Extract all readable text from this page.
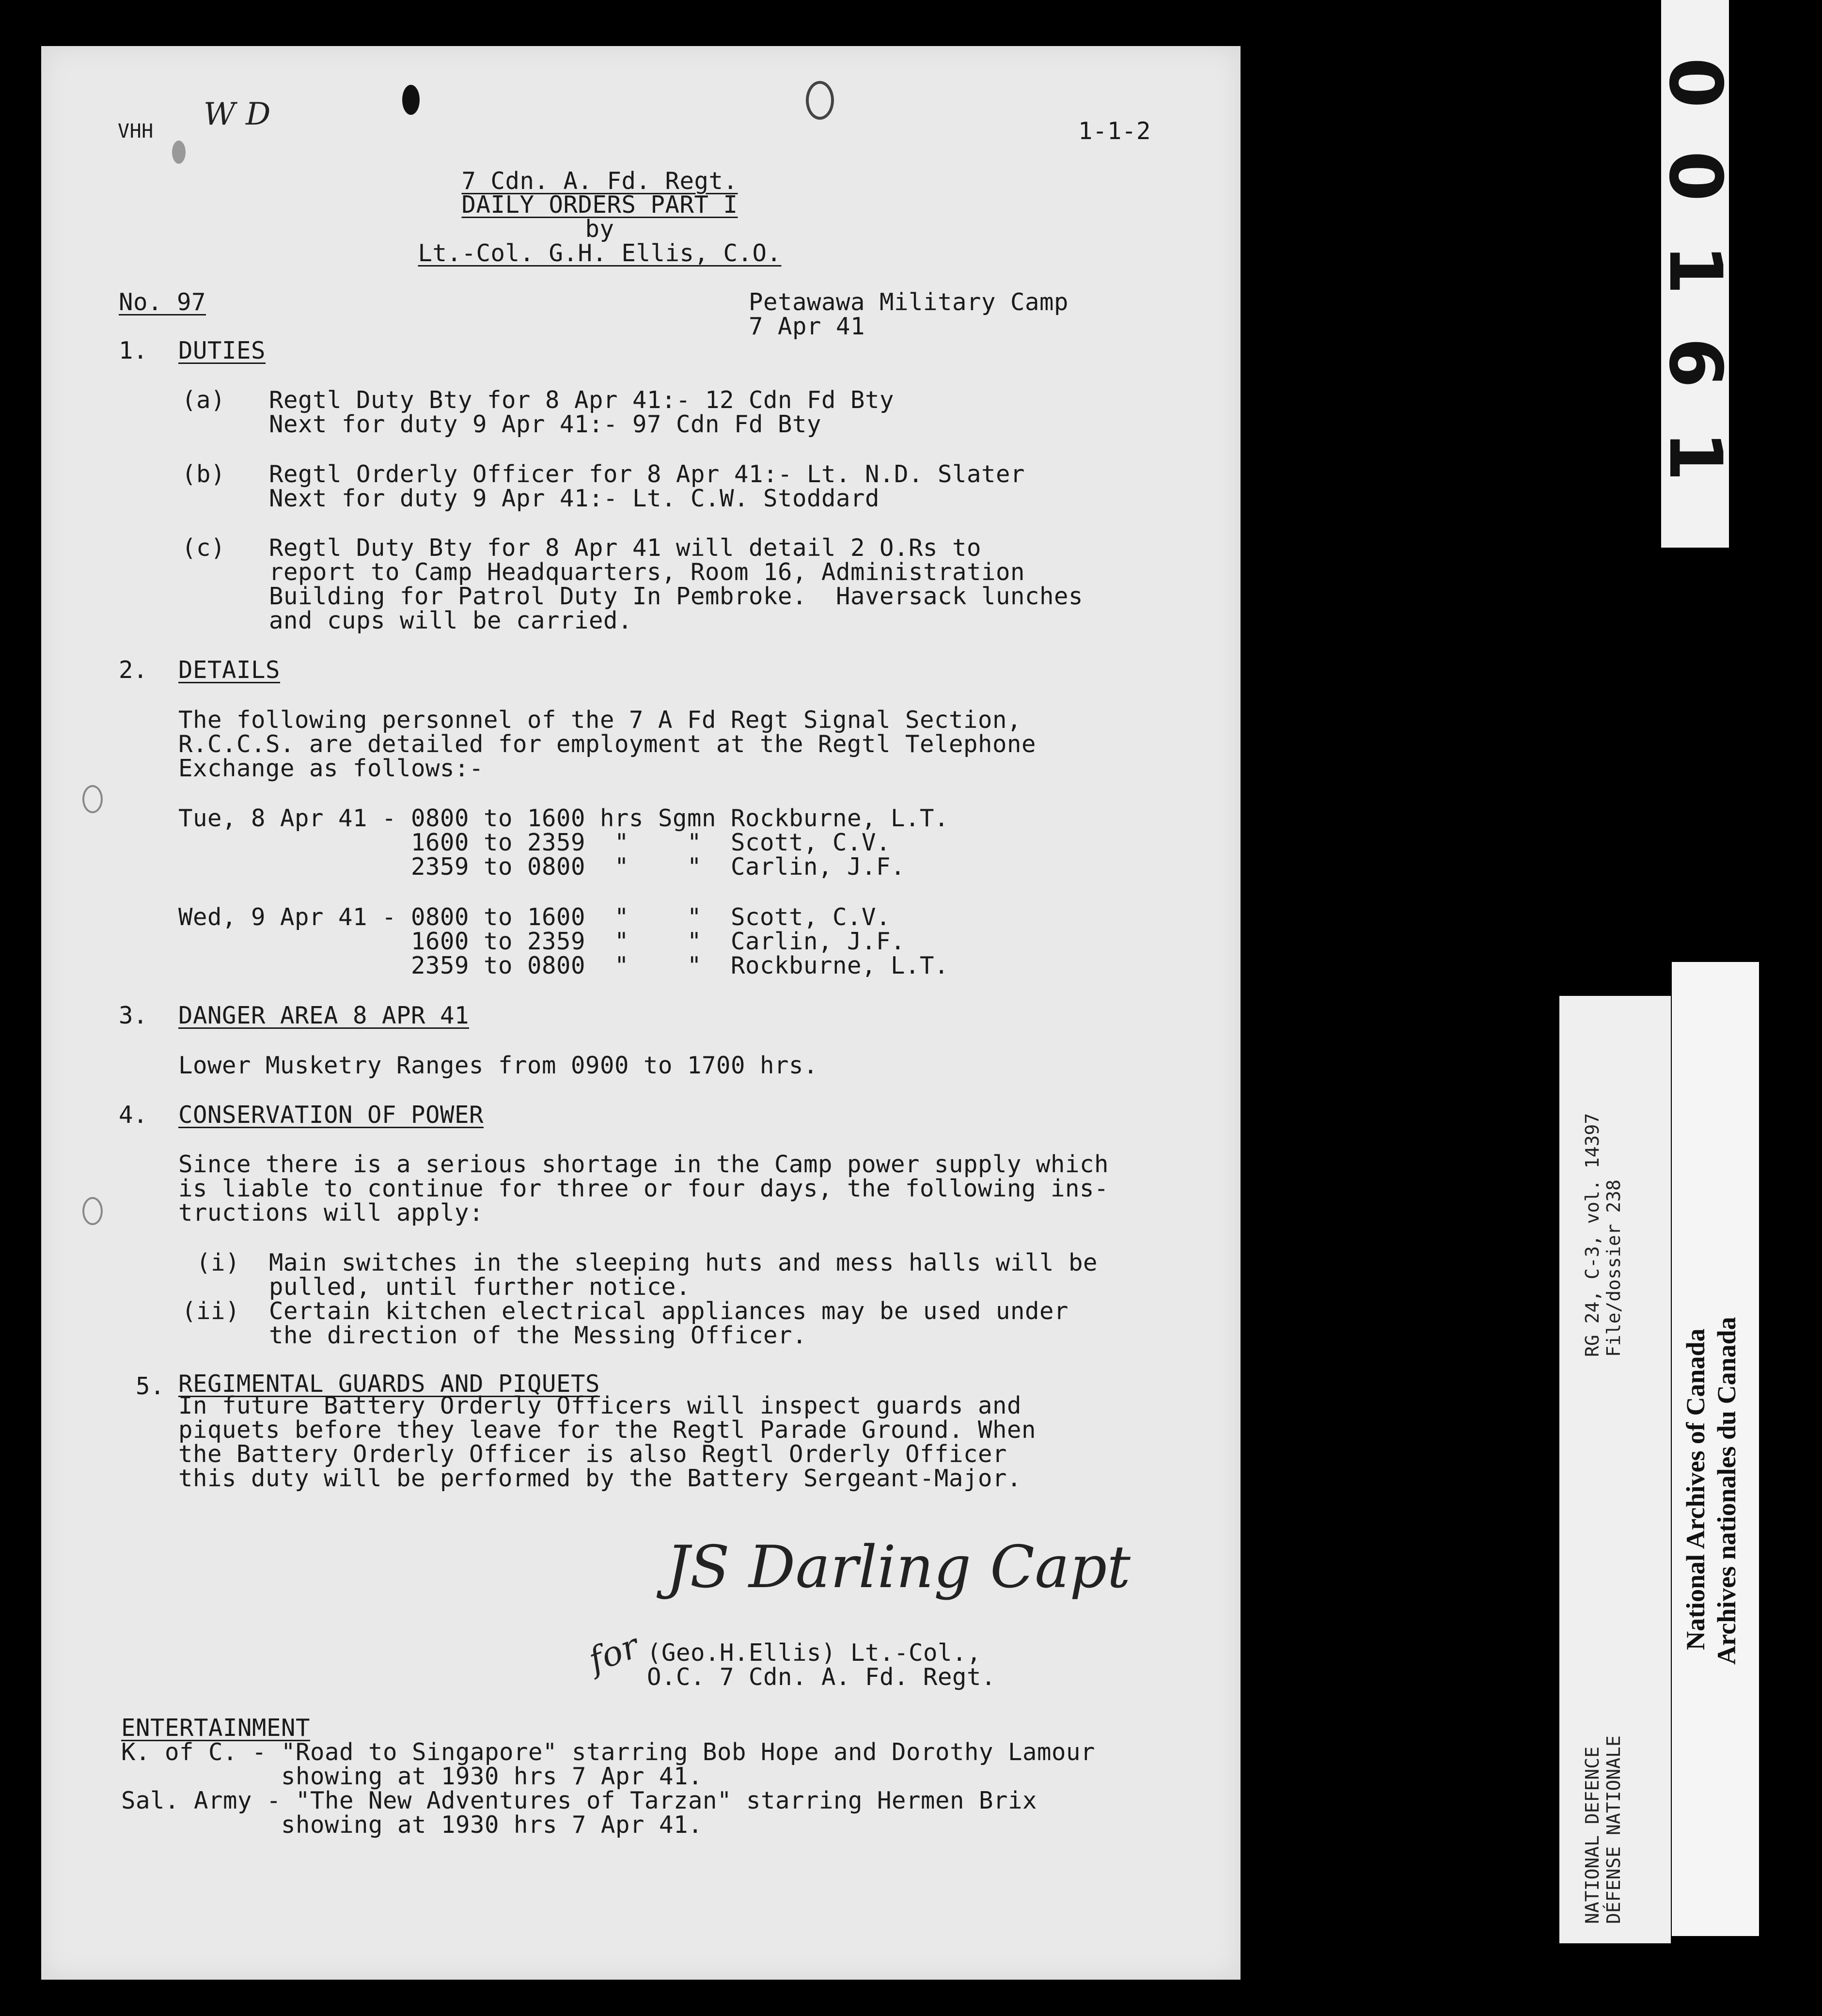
VHH W D	1-1-2
7 Cdn. A. Fd. Regt.
DAILY ORDERS PART I
by
Lt.-Col. G.H. Ellis, C.O.
No. 97	Petawawa Military Camp
7 Apr 41
1. DUTIES
(a) Regtl Duty Bty for 8 Apr 41:- 12 Cdn Fd Bty
Next for duty 9 Apr 41:- 97 Cdn Fd Bty
(b) Regtl Orderly Officer for 8 Apr 41:- Lt. N.D. Slater
Next for duty 9 Apr 41:- Lt. C.W. Stoddard
(c) Regtl Duty Bty for 8 Apr 41 will detail 2 O.Rs to
report to Camp Headquarters, Room 16, Administration
Building for Patrol Duty In Pembroke.  Haversack lunches
and cups will be carried.
2. DETAILS
The following personnel of the 7 A Fd Regt Signal Section,
R.C.C.S. are detailed for employment at the Regtl Telephone
Exchange as follows:-
Tue, 8 Apr 41 - 0800 to 1600 hrs Sgmn Rockburne, L.T.
1600 to 2359  "    "  Scott, C.V.
2359 to 0800  "    "  Carlin, J.F.
Wed, 9 Apr 41 - 0800 to 1600  "    "  Scott, C.V.
1600 to 2359  "    "  Carlin, J.F.
2359 to 0800  "    "  Rockburne, L.T.
3. DANGER AREA 8 APR 41
Lower Musketry Ranges from 0900 to 1700 hrs.
4. CONSERVATION OF POWER
Since there is a serious shortage in the Camp power supply which
is liable to continue for three or four days, the following ins-
tructions will apply:
(i) Main switches in the sleeping huts and mess halls will be
pulled, until further notice.
(ii) Certain kitchen electrical appliances may be used under
the direction of the Messing Officer.
5. REGIMENTAL GUARDS AND PIQUETS
In future Battery Orderly Officers will inspect guards and
piquets before they leave for the Regtl Parade Ground. When
the Battery Orderly Officer is also Regtl Orderly Officer
this duty will be performed by the Battery Sergeant-Major.
JS Darling Capt
for (Geo.H.Ellis) Lt.-Col.,
O.C. 7 Cdn. A. Fd. Regt.
ENTERTAINMENT
K. of C. - "Road to Singapore" starring Bob Hope and Dorothy Lamour
showing at 1930 hrs 7 Apr 41.
Sal. Army - "The New Adventures of Tarzan" starring Hermen Brix
showing at 1930 hrs 7 Apr 41.
0 0 1 6 1
RG 24, C-3, vol. 14397 File/dossier 238
NATIONAL DEFENCE DÉFENSE NATIONALE
National Archives of Canada Archives nationales du Canada
